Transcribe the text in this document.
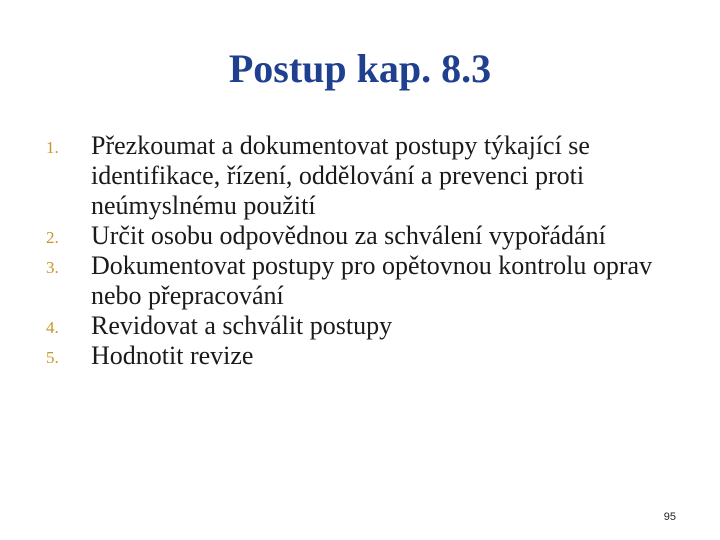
Postup kap. 8.3
1. Přezkoumat a dokumentovat postupy týkající se identifikace, řízení, oddělování a prevenci proti neúmyslnému použití
2. Určit osobu odpovědnou za schválení vypořádání
3. Dokumentovat postupy pro opětovnou kontrolu oprav nebo přepracování
4. Revidovat a schválit postupy
5. Hodnotit revize
95
